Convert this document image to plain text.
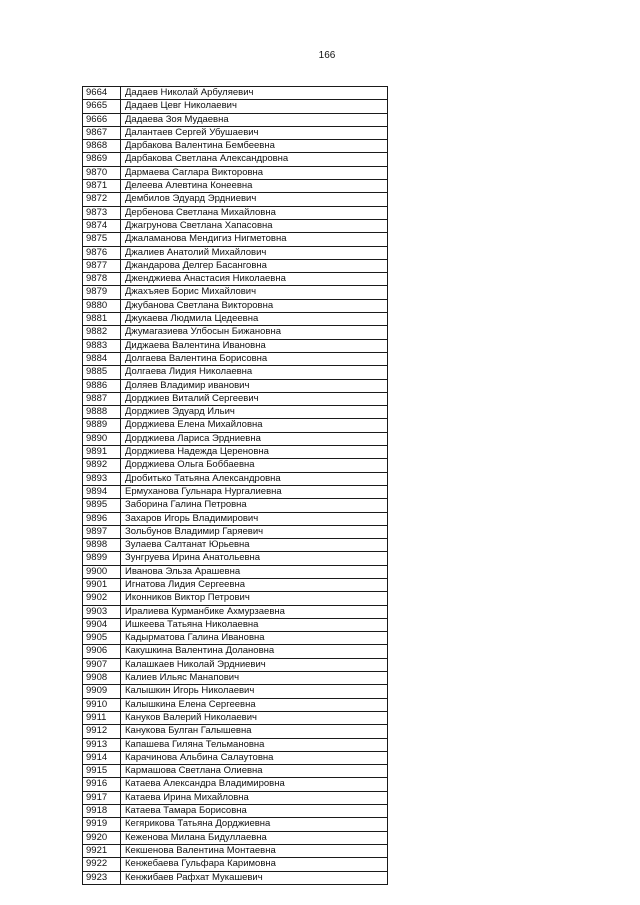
166
9664	Дадаев Николай Арбуляевич
9665	Дадаев Цевг Николаевич
9666	Дадаева Зоя Мудаевна
9867	Далантаев Сергей Убушаевич
9868	Дарбакова Валентина Бембеевна
9869	Дарбакова Светлана Александровна
9870	Дармаева Саглара Викторовна
9871	Делеева Алевтина Конеевна
9872	Дембилов Эдуард Эрдниевич
9873	Дербенова Светлана Михайловна
9874	Джагрунова Светлана Хапасовна
9875	Джаламанова Мендигиз Нигметовна
9876	Джалиев Анатолий Михайлович
9877	Джандарова Делгер Басанговна
9878	Дженджиева Анастасия Николаевна
9879	Джахъяев Борис Михайлович
9880	Джубанова Светлана Викторовна
9881	Джукаева Людмила Цедеевна
9882	Джумагазиева Улбосын Бижановна
9883	Диджаева Валентина Ивановна
9884	Долгаева Валентина Борисовна
9885	Долгаева Лидия Николаевна
9886	Доляев Владимир иванович
9887	Дорджиев Виталий Сергеевич
9888	Дорджиев Эдуард Ильич
9889	Дорджиева Елена Михайловна
9890	Дорджиева Лариса Эрдниевна
9891	Дорджиева Надежда Цереновна
9892	Дорджиева Ольга Боббаевна
9893	Дробитько Татьяна Александровна
9894	Ермуханова Гульнара Нургалиевна
9895	Заборина Галина Петровна
9896	Захаров Игорь Владимирович
9897	Зольбунов Владимир Гаряевич
9898	Зулаева Салтанат Юрьевна
9899	Зунгруева Ирина Анатольевна
9900	Иванова Эльза Арашевна
9901	Игнатова Лидия Сергеевна
9902	Иконников Виктор Петрович
9903	Иралиева Курманбике Ахмурзаевна
9904	Ишкеева Татьяна Николаевна
9905	Кадырматова Галина Ивановна
9906	Какушкина Валентина Долановна
9907	Калашкаев Николай Эрдниевич
9908	Калиев Ильяс Манапович
9909	Калышкин Игорь Николаевич
9910	Калышкина Елена Сергеевна
9911	Кануков Валерий Николаевич
9912	Канукова Булган Галышевна
9913	Капашева Гиляна Тельмановна
9914	Карачинова Альбина Салаутовна
9915	Кармашова Светлана Олиевна
9916	Катаева Александра Владимировна
9917	Катаева Ирина Михайловна
9918	Катаева Тамара Борисовна
9919	Кегярикова Татьяна Дорджиевна
9920	Кеженова Милана Бидуллаевна
9921	Кекшенова Валентина Монтаевна
9922	Кенжебаева Гульфара Каримовна
9923	Кенжибаев Рафхат Мукашевич
